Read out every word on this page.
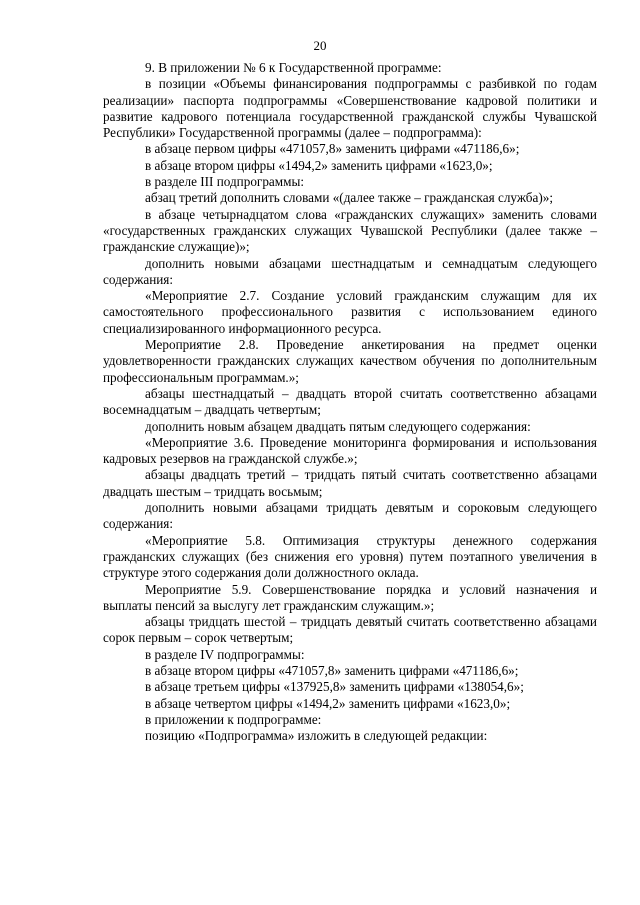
20

9. В приложении № 6 к Государственной программе:

в позиции «Объемы финансирования подпрограммы с разбивкой по годам реализации» паспорта подпрограммы «Совершенствование кадровой политики и развитие кадрового потенциала государственной гражданской службы Чувашской Республики» Государственной программы (далее – подпрограмма):

в абзаце первом цифры «471057,8» заменить цифрами «471186,6»;

в абзаце втором цифры «1494,2» заменить цифрами «1623,0»;

в разделе III подпрограммы:

абзац третий дополнить словами «(далее также – гражданская служба)»;

в абзаце четырнадцатом слова «гражданских служащих» заменить словами «государственных гражданских служащих Чувашской Республики (далее также – гражданские служащие)»;

дополнить новыми абзацами шестнадцатым и семнадцатым следующего содержания:

«Мероприятие 2.7. Создание условий гражданским служащим для их самостоятельного профессионального развития с использованием единого специализированного информационного ресурса.

Мероприятие 2.8. Проведение анкетирования на предмет оценки удовлетворенности гражданских служащих качеством обучения по дополнительным профессиональным программам.»;

абзацы шестнадцатый – двадцать второй считать соответственно абзацами восемнадцатым – двадцать четвертым;

дополнить новым абзацем двадцать пятым следующего содержания:

«Мероприятие 3.6. Проведение мониторинга формирования и использования кадровых резервов на гражданской службе.»;

абзацы двадцать третий – тридцать пятый считать соответственно абзацами двадцать шестым – тридцать восьмым;

дополнить новыми абзацами тридцать девятым и сороковым следующего содержания:

«Мероприятие 5.8. Оптимизация структуры денежного содержания гражданских служащих (без снижения его уровня) путем поэтапного увеличения в структуре этого содержания доли должностного оклада.

Мероприятие 5.9. Совершенствование порядка и условий назначения и выплаты пенсий за выслугу лет гражданским служащим.»;

абзацы тридцать шестой – тридцать девятый считать соответственно абзацами сорок первым – сорок четвертым;

в разделе IV подпрограммы:

в абзаце втором цифры «471057,8» заменить цифрами «471186,6»;

в абзаце третьем цифры «137925,8» заменить цифрами «138054,6»;

в абзаце четвертом цифры «1494,2» заменить цифрами «1623,0»;

в приложении к подпрограмме:

позицию «Подпрограмма» изложить в следующей редакции:
